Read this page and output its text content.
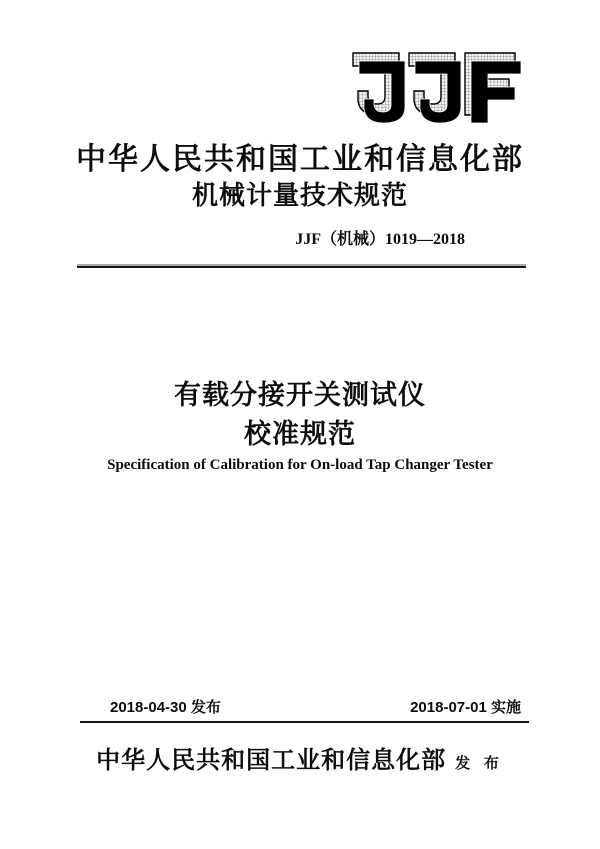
中华人民共和国工业和信息化部
机械计量技术规范
JJF（机械）1019—2018
有载分接开关测试仪
校准规范
Specification of Calibration for On-load Tap Changer Tester
2018-04-30 发布	2018-07-01 实施
中华人民共和国工业和信息化部 发 布
